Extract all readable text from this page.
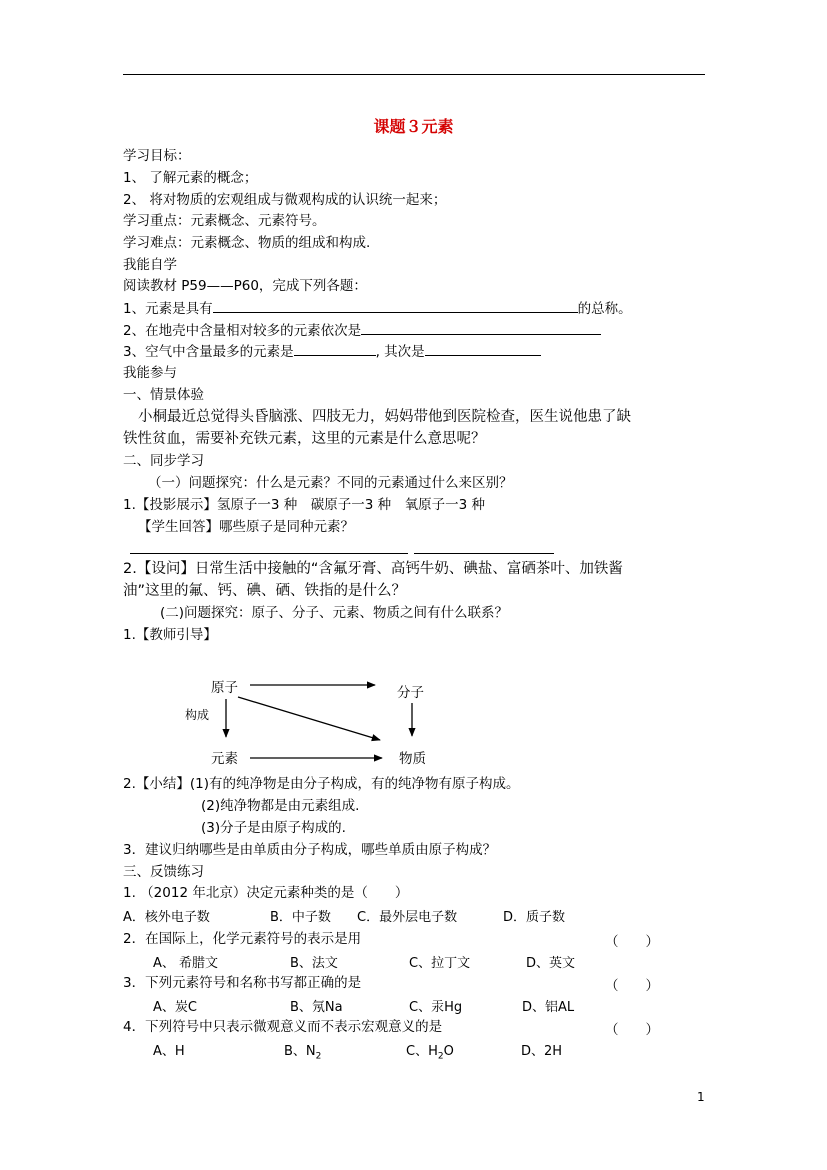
课题３元素
学习目标：
1、 了解元素的概念；
2、 将对物质的宏观组成与微观构成的认识统一起来；
学习重点：元素概念、元素符号。
学习难点：元素概念、物质的组成和构成.
我能自学
阅读教材 P59——P60，完成下列各题：
1、元素是具有	的总称。
2、在地壳中含量相对较多的元素依次是
3、空气中含量最多的元素是	, 其次是
我能参与
一、情景体验
小桐最近总觉得头昏脑涨、四肢无力，妈妈带他到医院检查，医生说他患了缺
铁性贫血，需要补充铁元素，这里的元素是什么意思呢？
二、同步学习
（一）问题探究：什么是元素？不同的元素通过什么来区别？
1.【投影展示】氢原子一3 种　碳原子一3 种　氧原子一3 种
【学生回答】哪些原子是同种元素？
2.【设问】日常生活中接触的“含氟牙膏、高钙牛奶、碘盐、富硒茶叶、加铁酱
油”这里的氟、钙、碘、硒、铁指的是什么？
(二)问题探究：原子、分子、元素、物质之间有什么联系？
1.【教师引导】
原子	分子
构成
元素	物质
2.【小结】(1)有的纯净物是由分子构成，有的纯净物有原子构成。
(2)纯净物都是由元素组成.
(3)分子是由原子构成的.
3．建议归纳哪些是由单质由分子构成，哪些单质由原子构成？
三、反馈练习
1. （2012 年北京）决定元素种类的是（　　）
A．核外电子数	B．中子数 C．最外层电子数	D．质子数
2．在国际上，化学元素符号的表示是用	（　　）
A、 希腊文	B、法文	C、拉丁文	D、英文
3．下列元素符号和名称书写都正确的是	（　　）
A、炭C	B、氖Na	C、汞Hg	D、铝AL
4．下列符号中只表示微观意义而不表示宏观意义的是	（　　）
A、H	B、$N_2$	C、$H_2O$	D、2H
1
